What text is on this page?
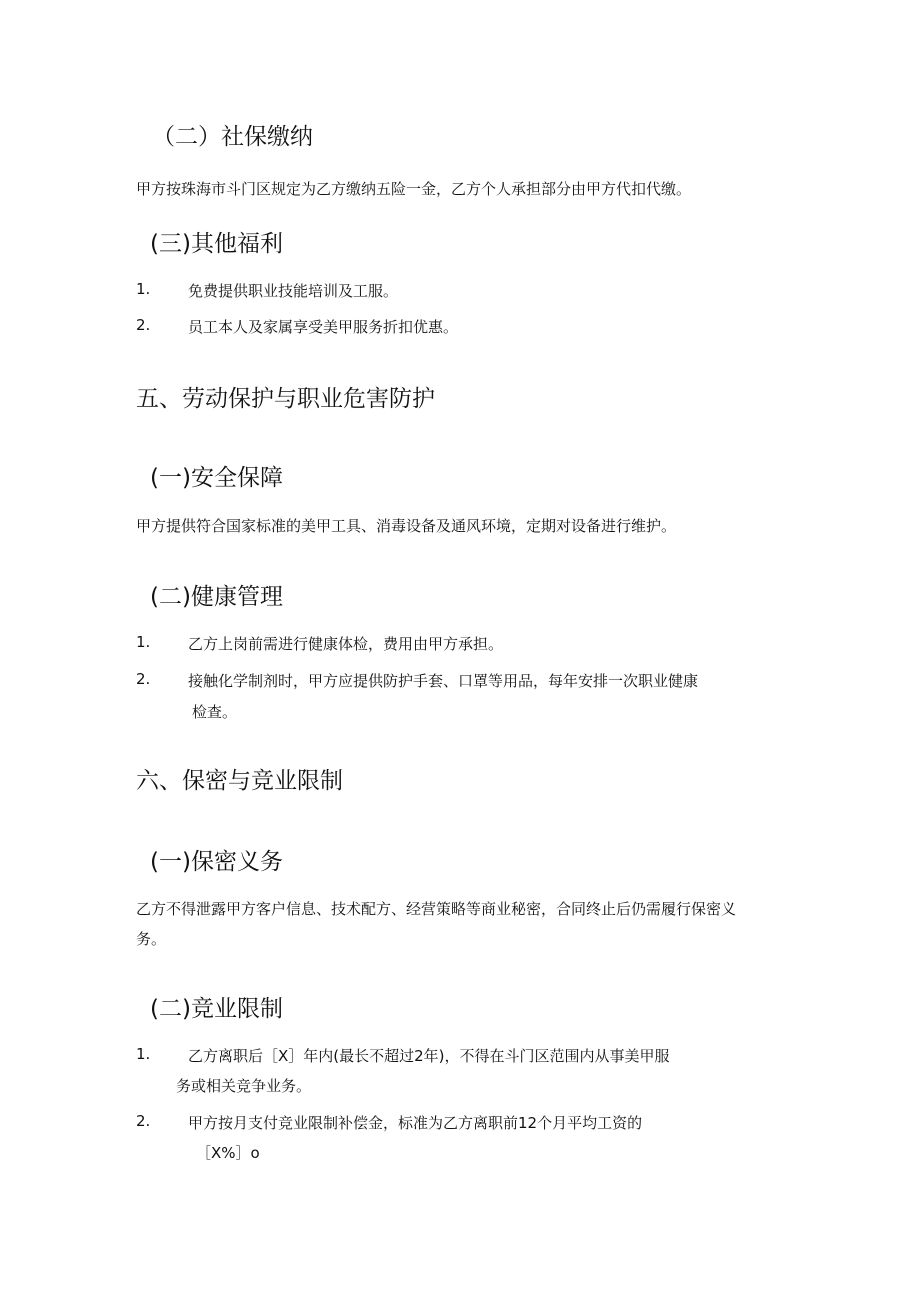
（二）社保缴纳
甲方按珠海市斗门区规定为乙方缴纳五险一金，乙方个人承担部分由甲方代扣代缴。
(三)其他福利
1.	免费提供职业技能培训及工服。
2.	员工本人及家属享受美甲服务折扣优惠。
五、劳动保护与职业危害防护
(一)安全保障
甲方提供符合国家标准的美甲工具、消毒设备及通风环境，定期对设备进行维护。
(二)健康管理
1.	乙方上岗前需进行健康体检，费用由甲方承担。
2.	接触化学制剂时，甲方应提供防护手套、口罩等用品，每年安排一次职业健康
检查。
六、保密与竞业限制
(一)保密义务
乙方不得泄露甲方客户信息、技术配方、经营策略等商业秘密，合同终止后仍需履行保密义
务。
(二)竞业限制
1.	乙方离职后［X］年内(最长不超过2年)，不得在斗门区范围内从事美甲服
务或相关竞争业务。
2.	甲方按月支付竞业限制补偿金，标准为乙方离职前12个月平均工资的
［X%］o
